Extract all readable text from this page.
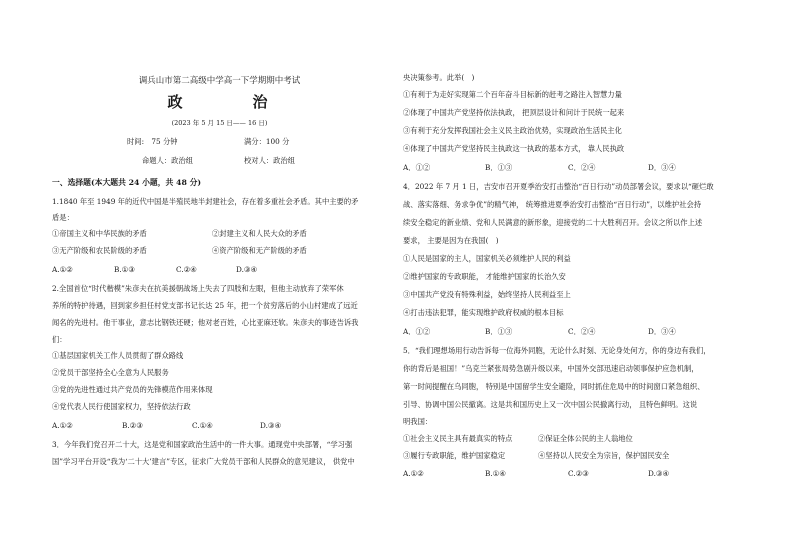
调兵山市第二高级中学高一下学期期中考试
政	治
(2023 年 5 月 15 日—— 16 日)
时间:　75 分钟	满分：100 分
命题人：政治组	校对人：政治组
一、选择题(本大题共 24 小题，共 48 分)
1.1840 年至 1949 年的近代中国是半殖民地半封建社会，存在着多重社会矛盾。其中主要的矛
盾是：
①帝国主义和中华民族的矛盾	②封建主义和人民大众的矛盾
③无产阶级和农民阶级的矛盾	④资产阶级和无产阶级的矛盾
A.①②	B.①③	C.②④	D.③④
2.全国首位“时代楷模”朱彦夫在抗美援朝战场上失去了四肢和左眼，但他主动放弃了荣军休
养所的特护待遇，回到家乡担任村党支部书记长达 25 年，把一个贫穷落后的小山村建成了远近
闻名的先进村。他干事业，意志比钢铁还硬；他对老百姓，心比亚麻还软。朱彦夫的事迹告诉我
们：
①基层国家机关工作人员贯彻了群众路线
②党员干部坚持全心全意为人民服务
③党的先进性通过共产党员的先锋模范作用来体现
④党代表人民行使国家权力，坚持依法行政
A.①②	B.②③	C.①④	D.③④
3．今年我们党召开二十大，这是党和国家政治生活中的一件大事。通现党中央部署，“学习强
国”学习平台开设“我为‘二十大’建言”专区，征求广大党员干部和人民群众的意见建议， 供党中
央决策参考。此举(　)
①有利于为走好实现第二个百年奋斗目标新的赶考之路注入智慧力量
②体现了中国共产党坚持依法执政， 把顶层设计和问计于民统一起来
③有利于充分发挥我国社会主义民主政治优势，实现政治生活民主化
④体现了中国共产党坚持民主执政这一执政的基本方式， 靠人民执政
A．①②	B．①③	C．②④	D．③④
4．2022 年 7 月 1 日，吉安市召开夏季治安打击整治“百日行动”动员部署会议，要求以“砸烂敢
战、落实落细、务求争优”的精气神， 统筹推进夏季治安打击整治“百日行动”，以维护社会持
续安全稳定的新业绩、党和人民满意的新形象，迎接党的二十大胜利召开。会议之所以作上述
要求， 主要是因为在我国(　)
①人民是国家的主人，国家机关必须维护人民的利益
②维护国家的专政职能， 才能维护国家的长治久安
③中国共产党没有特殊利益，始终坚持人民利益至上
④打击违法犯罪，能实现维护政府权威的根本目标
A．①②	B．①③	C．②④	D．③④
5．“我们理想场用行动告诉每一位海外同胞，无论什么时刻、无论身处何方，你的身边有我们，
你的背后是祖国！”乌克兰紧张局势急剧升级以来，中国外交部迅速启动领事保护应急机制，
第一时间提醒在乌同胞， 特别是中国留学生安全避险，同时抓住危局中的时间窗口紧急组织、
引导、协调中国公民撤离。这是共和国历史上又一次中国公民撤离行动， 且特色鲜明。这说
明我国：
①社会主义民主具有最真实的特点	②保证全体公民的主人翁地位
③履行专政职能，维护国家稳定	④坚持以人民安全为宗旨，保护国民安全
A.①②	B.①④	C.②③	D.③④
